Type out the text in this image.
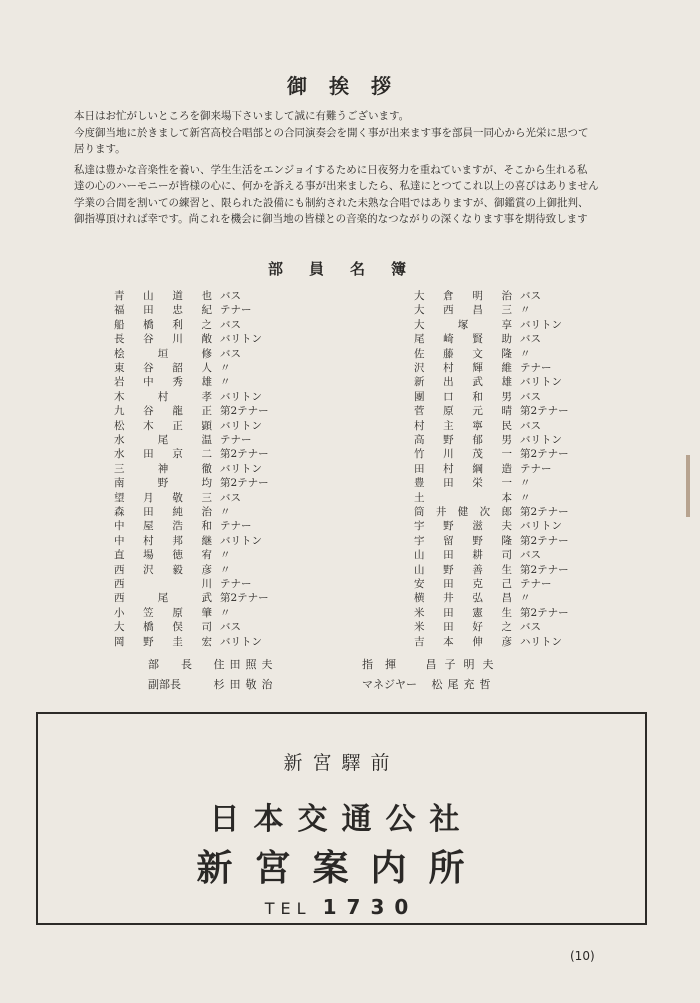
御挨拶

本日はお忙がしいところを御来場下さいまして誠に有難うございます。

今度御当地に於きまして新宮高校合唱部との合同演奏会を開く事が出来ます事を部員一同心から光栄に思つて

居ります。

私達は豊かな音楽性を養い、学生生活をエンジョイするために日夜努力を重ねていますが、そこから生れる私

達の心のハーモニーが皆様の心に、何かを訴える事が出来ましたら、私達にとつてこれ以上の喜びはありません

学業の合間を割いての練習と、限られた設備にも制約された未熟な合唱ではありますが、御鑑賞の上御批判、

御指導頂ければ幸です。尚これを機会に御当地の皆様との音楽的なつながりの深くなります事を期待致します

部員名簿
青山道也 バス
福田忠紀 テナー
船橋利之 バス
長谷川敞 バリトン
桧垣修 バス
東谷韶人 〃
岩中秀雄 〃
木村孝 バリトン
九谷龍正 第2テナー
松木正顕 バリトン
水尾温 テナー
水田京二 第2テナー
三神徹 バリトン
南野均 第2テナー
望月敬三 バス
森田純治 〃
中屋浩和 テナー
中村邦継 バリトン
直場徳宥 〃
西沢毅彦 〃
西川 テナー
西尾武 第2テナー
小笠原肇 〃
大橋俣司 バス
岡野圭宏 バリトン
大倉明治 バス
大西昌三 〃
大塚享 バリトン
尾崎賢助 バス
佐藤文隆 〃
沢村輝維 テナー
新出武雄 バリトン
團口和男 バス
菅原元晴 第2テナー
村主寧民 バス
高野郁男 バリトン
竹川茂一 第2テナー
田村綱造 テナー
豊田栄一 〃
土本 〃
筒井健次郎 第2テナー
宇野滋夫 バリトン
宇留野隆 第2テナー
山田耕司 バス
山野善生 第2テナー
安田克己 テナー
横井弘昌 〃
米田憲生 第2テナー
米田好之 バス
吉本伸彦 ハリトン
部　　長 住田照夫
副部長	杉田敬治
指揮 昌子明夫
マネジヤー 松尾充哲
新宮驛前
日本交通公社
新宮案内所
TEL 1730
(10)
